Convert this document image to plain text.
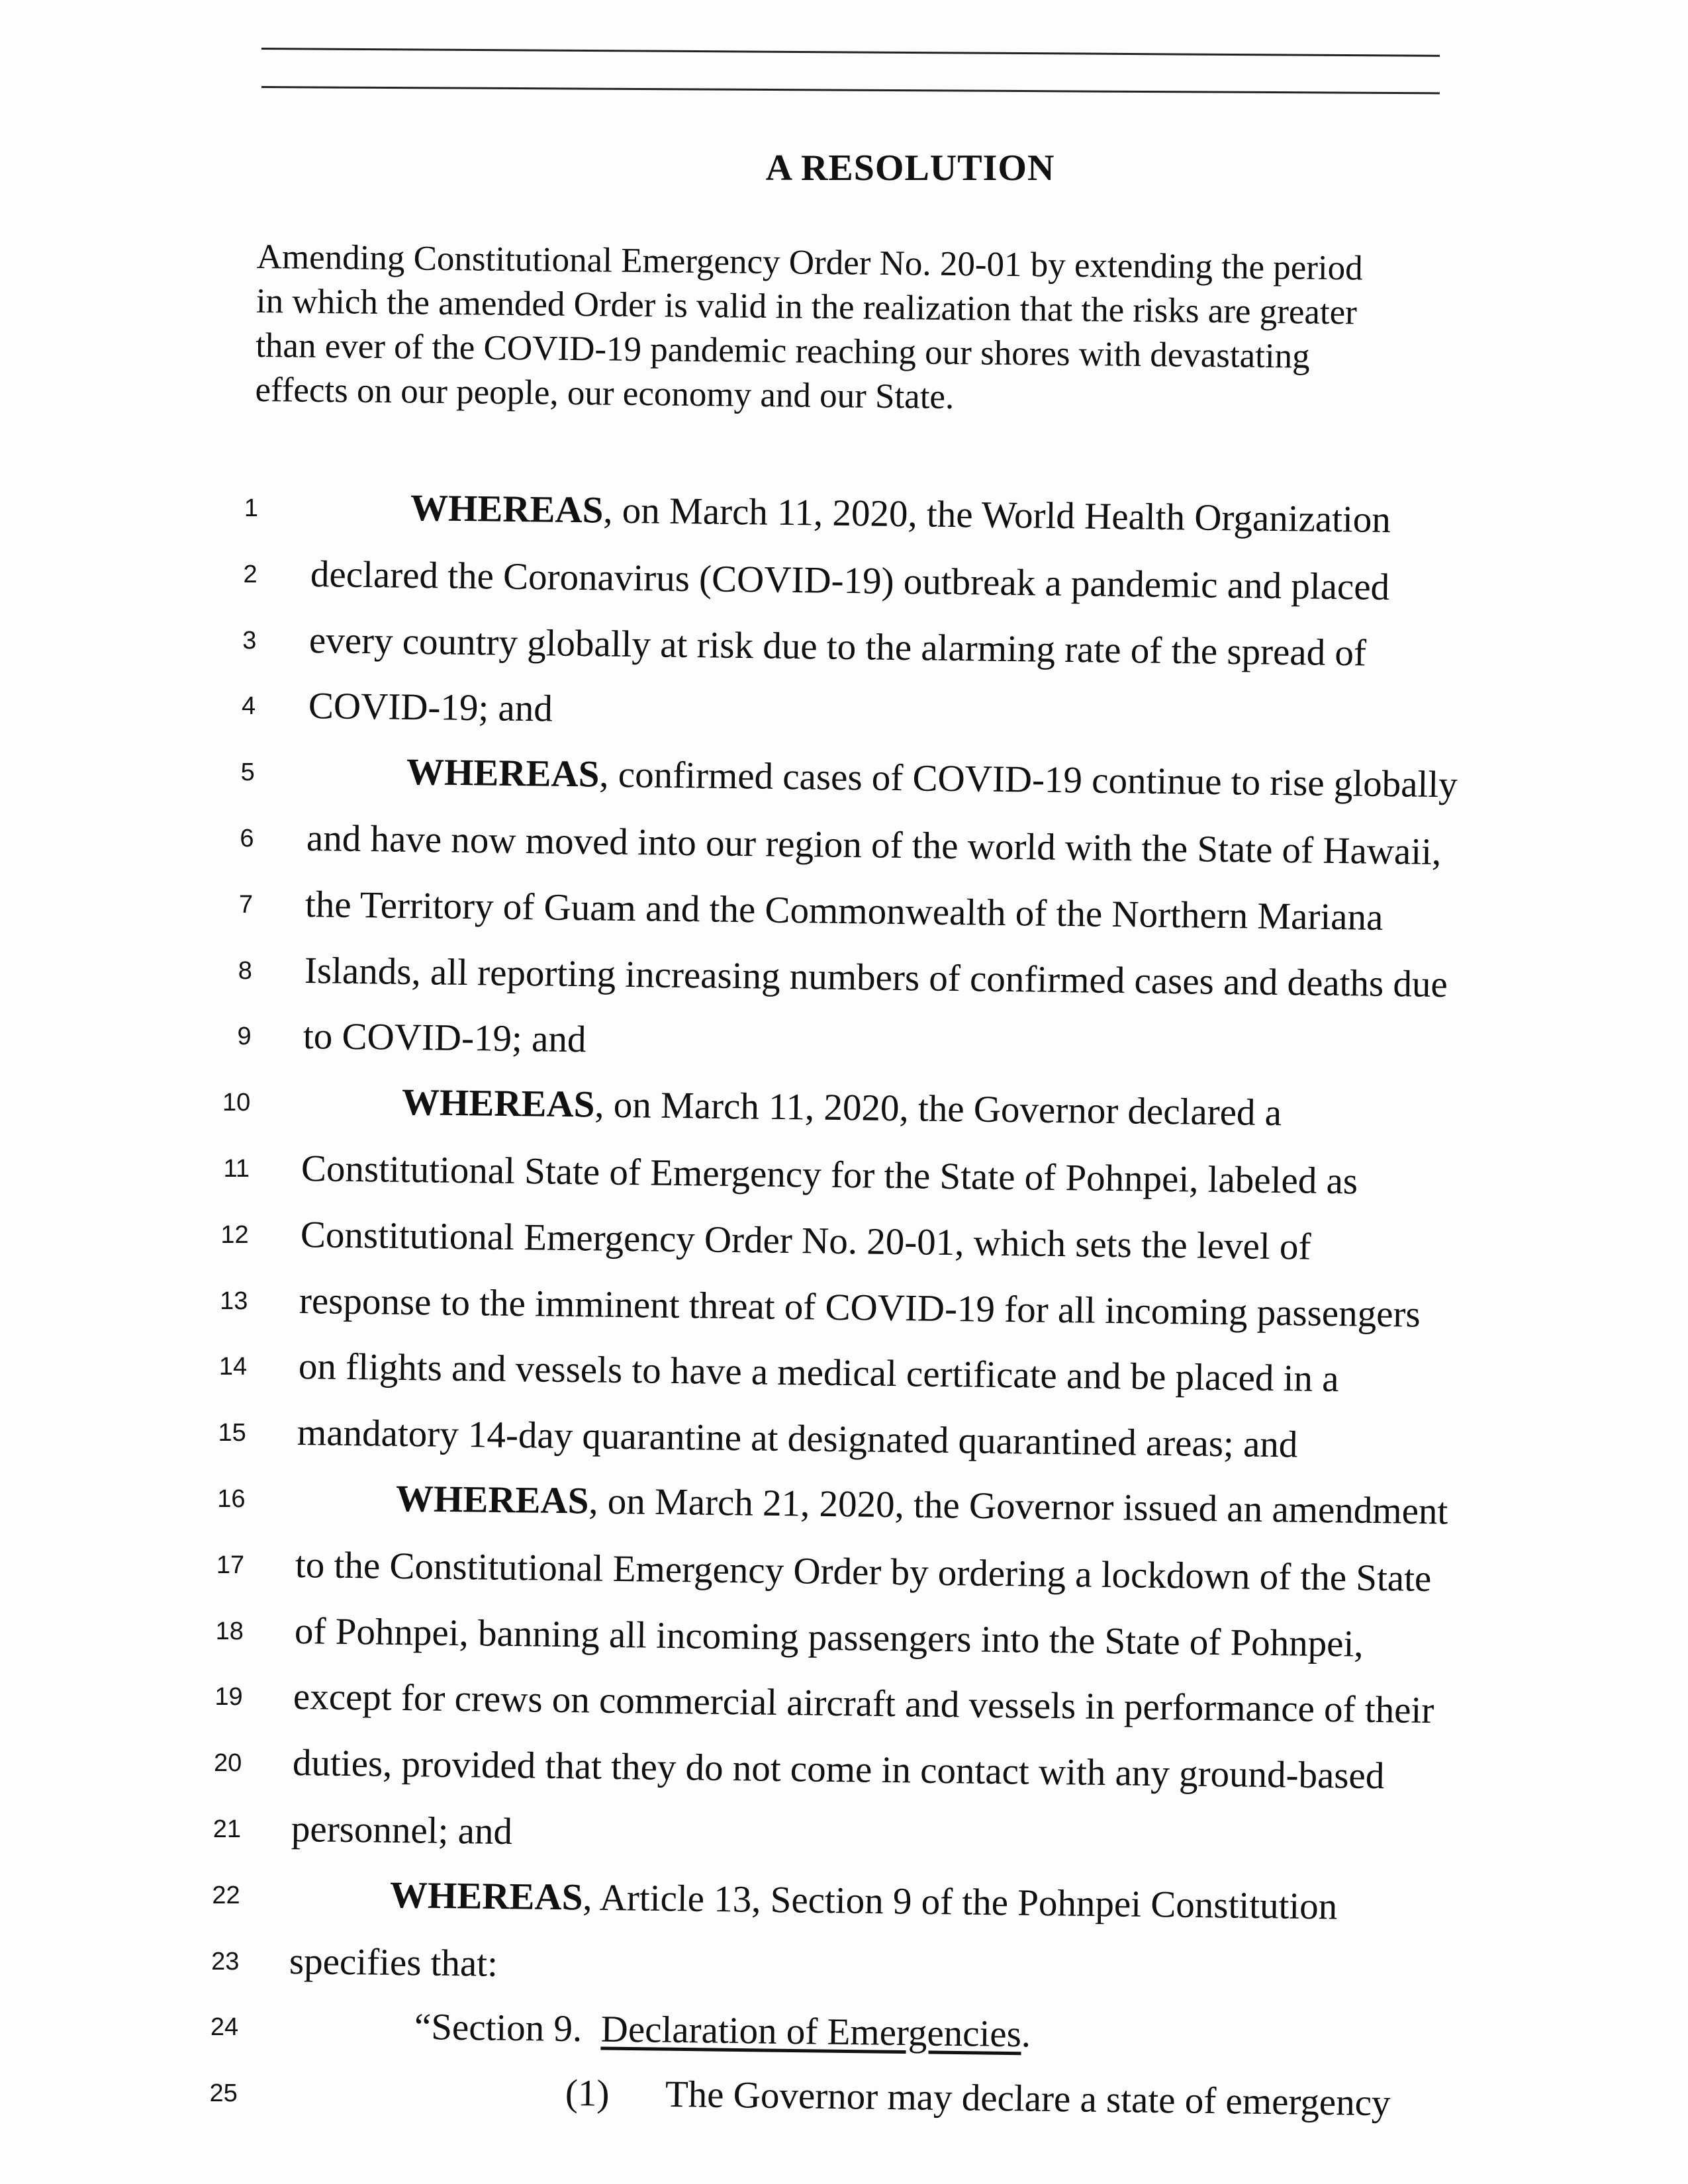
A RESOLUTION
Amending Constitutional Emergency Order No. 20-01 by extending the period
in which the amended Order is valid in the realization that the risks are greater
than ever of the COVID-19 pandemic reaching our shores with devastating
effects on our people, our economy and our State.
1	WHEREAS, on March 11, 2020, the World Health Organization
2 declared the Coronavirus (COVID-19) outbreak a pandemic and placed
3 every country globally at risk due to the alarming rate of the spread of
4 COVID-19; and
5	WHEREAS, confirmed cases of COVID-19 continue to rise globally
6 and have now moved into our region of the world with the State of Hawaii,
7 the Territory of Guam and the Commonwealth of the Northern Mariana
8 Islands, all reporting increasing numbers of confirmed cases and deaths due
9 to COVID-19; and
10	WHEREAS, on March 11, 2020, the Governor declared a
11 Constitutional State of Emergency for the State of Pohnpei, labeled as
12 Constitutional Emergency Order No. 20-01, which sets the level of
13 response to the imminent threat of COVID-19 for all incoming passengers
14 on flights and vessels to have a medical certificate and be placed in a
15 mandatory 14-day quarantine at designated quarantined areas; and
16	WHEREAS, on March 21, 2020, the Governor issued an amendment
17 to the Constitutional Emergency Order by ordering a lockdown of the State
18 of Pohnpei, banning all incoming passengers into the State of Pohnpei,
19 except for crews on commercial aircraft and vessels in performance of their
20 duties, provided that they do not come in contact with any ground-based
21 personnel; and
22	WHEREAS, Article 13, Section 9 of the Pohnpei Constitution
23 specifies that:
24	“Section 9.  Declaration of Emergencies.
25	(1)      The Governor may declare a state of emergency
